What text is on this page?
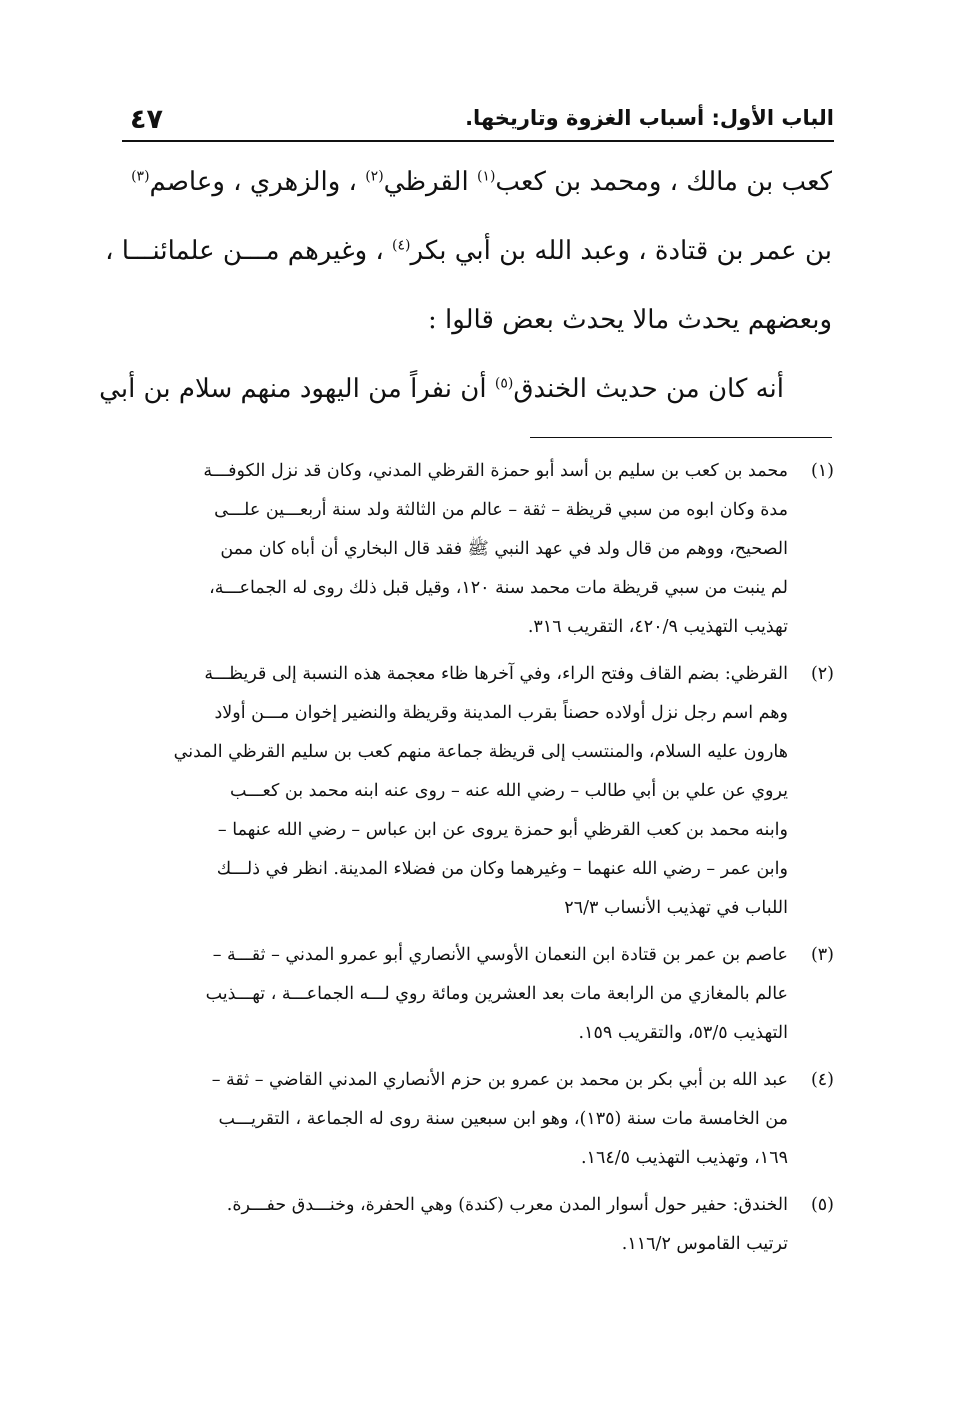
الباب الأول: أسباب الغزوة وتاريخها.
٤٧

كعب بن مالك ، ومحمد بن كعب$^{(١)}$ القرظي$^{(٢)}$ ، والزهري ، وعاصم$^{(٣)}$

بن عمر بن قتادة ، وعبد الله بن أبي بكر$^{(٤)}$ ، وغيرهم مـــن علمائنـــا ،

وبعضهم يحدث مالا يحدث بعض قالوا :

أنه كان من حديث الخندق$^{(٥)}$ أن نفراً من اليهود منهم سلام بن أبي

(١)محمد بن كعب بن سليم بن أسد أبو حمزة القرظي المدني، وكان قد نزل الكوفـــة

مدة وكان ابوه من سبي قريظة – ثقة – عالم من الثالثة ولد سنة أربعـــين علـــى

الصحيح، ووهم من قال ولد في عهد النبي ﷺ فقد قال البخاري أن أباه كان ممن

لم ينبت من سبي قريظة مات محمد سنة ١٢٠، وقيل قبل ذلك روى له الجماعـــة،

تهذيب التهذيب ٤٢٠/٩، التقريب ٣١٦.

(٢)القرظي: بضم القاف وفتح الراء، وفي آخرها ظاء معجمة هذه النسبة إلى قريظـــة

وهم اسم رجل نزل أولاده حصناً بقرب المدينة وقريظة والنضير إخوان مـــن أولاد

هارون عليه السلام، والمنتسب إلى قريظة جماعة منهم كعب بن سليم القرظي المدني

يروي عن علي بن أبي طالب – رضي الله عنه – روى عنه ابنه محمد بن كعـــب

وابنه محمد بن كعب القرظي أبو حمزة يروى عن ابن عباس – رضي الله عنهما –

وابن عمر – رضي الله عنهما – وغيرهما وكان من فضلاء المدينة. انظر في ذلـــك

اللباب في تهذيب الأنساب ٢٦/٣

(٣)عاصم بن عمر بن قتادة ابن النعمان الأوسي الأنصاري أبو عمرو المدني – ثقـــة –

عالم بالمغازي من الرابعة مات بعد العشرين ومائة روي لـــه الجماعـــة ، تهـــذيب

التهذيب ٥٣/٥، والتقريب ١٥٩.

(٤)عبد الله بن أبي بكر بن محمد بن عمرو بن حزم الأنصاري المدني القاضي – ثقة –

من الخامسة مات سنة (١٣٥)، وهو ابن سبعين سنة روى له الجماعة ، التقريـــب

١٦٩، وتهذيب التهذيب ١٦٤/٥.

(٥)الخندق: حفير حول أسوار المدن معرب (كندة) وهي الحفرة، وخنـــدق حفـــرة.

ترتيب القاموس ١١٦/٢.
